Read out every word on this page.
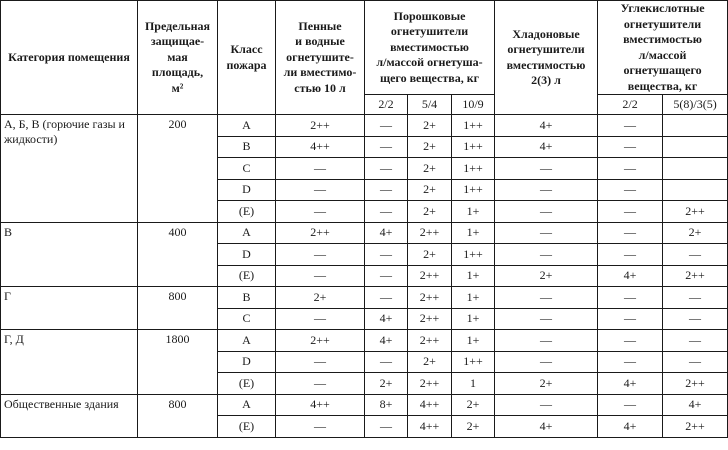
Категория помещения	Предельная
защищае-
мая
площадь,
м²	Класс
пожара	Пенные
и водные
огнетушите-
ли вместимо-
стью 10 л	Порошковые
огнетушители
вместимостью
л/массой огнетуша-
щего вещества, кг	Хладоновые
огнетушители
вместимостью
2(3) л	Углекислотные
огнетушители
вместимостью
л/массой
огнетушащего
вещества, кг
				2/2	5/4	10/9		2/2	5(8)/3(5)
А, Б, В (горючие газы и жидкости)	200	A	2++	—	2+	1++	4+	—	
		B	4++	—	2+	1++	4+	—	
		C	—	—	2+	1++	—	—	
		D	—	—	2+	1++	—	—	
		(E)	—	—	2+	1+	—	—	2++
В	400	A	2++	4+	2++	1+	—	—	2+
		D	—	—	2+	1++	—	—	—
		(E)	—	—	2++	1+	2+	4+	2++
Г	800	B	2+	—	2++	1+	—	—	—
		C	—	4+	2++	1+	—	—	—
Г, Д	1800	A	2++	4+	2++	1+	—	—	—
		D	—	—	2+	1++	—	—	—
		(E)	—	2+	2++	1	2+	4+	2++
Общественные здания	800	A	4++	8+	4++	2+	—	—	4+
		(E)	—	—	4++	2+	4+	4+	2++
